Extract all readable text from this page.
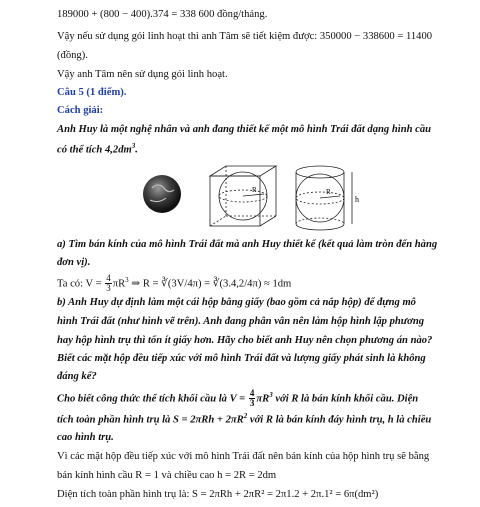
189000 + (800 − 400).374 = 338 600 đồng/tháng.
Vậy nếu sử dụng gói linh hoạt thì anh Tâm sẽ tiết kiệm được: 350000 − 338600 = 11400
(đồng).
Vậy anh Tâm nên sử dụng gói linh hoạt.
Câu 5 (1 điểm).
Cách giải:
Anh Huy là một nghệ nhân và anh đang thiết kế một mô hình Trái đất dạng hình cầu
có thể tích $4,2dm^3$.
R	R
h
a) Tìm bán kính của mô hình Trái đất mà anh Huy thiết kế (kết quả làm tròn đến hàng
đơn vị).
Ta có: $V = \frac{4}{3} \pi R^3$ ⇒ R = ∛(3V/4π) = ∛(3.4,2/4π) ≈ 1dm
b) Anh Huy dự định làm một cái hộp bằng giấy (bao gồm cả nắp hộp) để đựng mô
hình Trái đất (như hình vẽ trên). Anh đang phân vân nên làm hộp hình lập phương
hay hộp hình trụ thì tốn ít giấy hơn. Hãy cho biết anh Huy nên chọn phương án nào?
Biết các mặt hộp đều tiếp xúc với mô hình Trái đất và lượng giấy phát sinh là không
đáng kể?
Cho biết công thức thể tích khối cầu là $V = \frac{4}{3} \pi R^3$ với R là bán kính khối cầu. Diện
tích toàn phần hình trụ là $S = 2\pi Rh + 2\pi R^2$ với R là bán kính đáy hình trụ, h là chiều
cao hình trụ.
Vì các mặt hộp đều tiếp xúc với mô hình Trái đất nên bán kính của hộp hình trụ sẽ bằng
bán kính hình cầu R = 1 và chiều cao h = 2R = 2dm
Diện tích toàn phần hình trụ là: S = 2πRh + 2πR² = 2π1.2 + 2π.1² = 6π(dm²)
